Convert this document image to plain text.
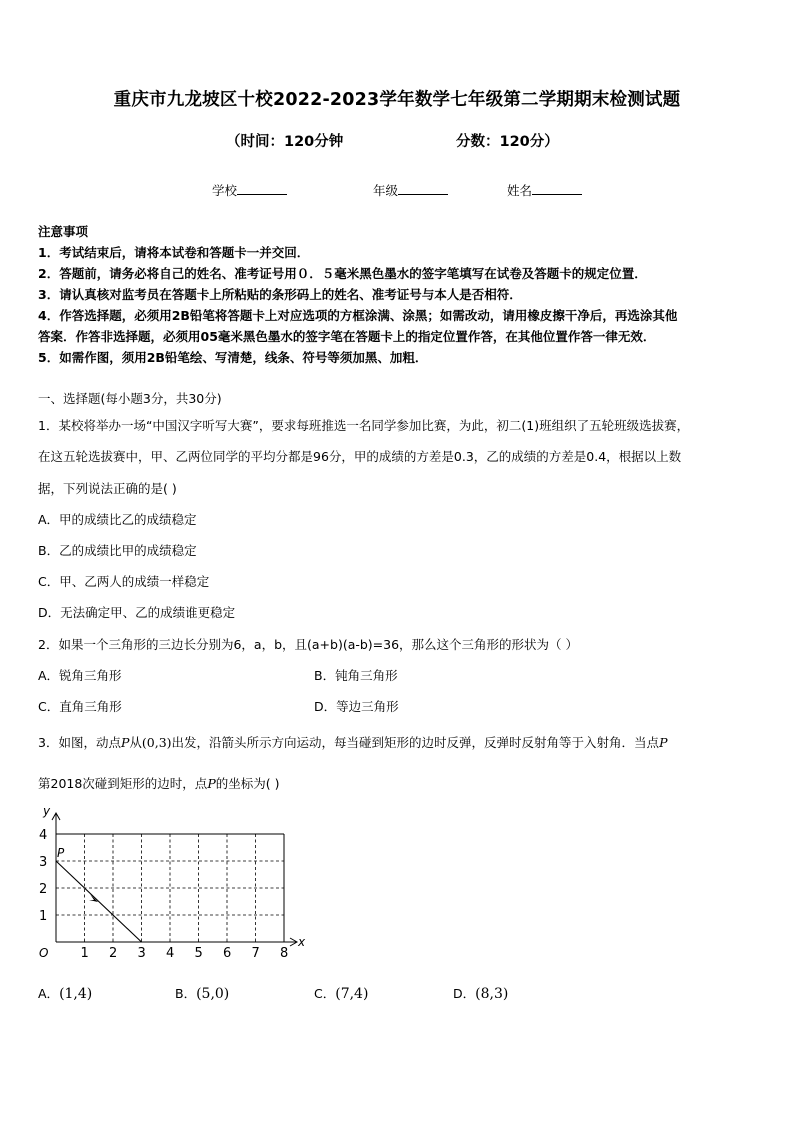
重庆市九龙坡区十校2022-2023学年数学七年级第二学期期末检测试题
（时间：120分钟	分数：120分）
学校	年级	姓名
注意事项
1．考试结束后，请将本试卷和答题卡一并交回．
2．答题前，请务必将自己的姓名、准考证号用０．５毫米黑色墨水的签字笔填写在试卷及答题卡的规定位置．
3．请认真核对监考员在答题卡上所粘贴的条形码上的姓名、准考证号与本人是否相符．
4．作答选择题，必须用2B铅笔将答题卡上对应选项的方框涂满、涂黑；如需改动，请用橡皮擦干净后，再选涂其他
答案．作答非选择题，必须用05毫米黑色墨水的签字笔在答题卡上的指定位置作答，在其他位置作答一律无效．
5．如需作图，须用2B铅笔绘、写清楚，线条、符号等须加黑、加粗．
一、选择题(每小题3分，共30分)
1．某校将举办一场“中国汉字听写大赛”，要求每班推选一名同学参加比赛，为此，初二(1)班组织了五轮班级选拔赛，
在这五轮选拔赛中，甲、乙两位同学的平均分都是96分，甲的成绩的方差是0.3，乙的成绩的方差是0.4，根据以上数
据，下列说法正确的是( )
A．甲的成绩比乙的成绩稳定
B．乙的成绩比甲的成绩稳定
C．甲、乙两人的成绩一样稳定
D．无法确定甲、乙的成绩谁更稳定
2．如果一个三角形的三边长分别为6，a，b，且(a+b)(a-b)=36，那么这个三角形的形状为（ ）
A．锐角三角形	B．钝角三角形
C．直角三角形	D．等边三角形
3．如图，动点P从(0,3)出发，沿箭头所示方向运动，每当碰到矩形的边时反弹，反弹时反射角等于入射角．当点P
第2018次碰到矩形的边时，点P的坐标为( )
y
x
O
P
1 2 3 4 5 6 7 8
1
2
3
4
A．(1,4)	B．(5,0)	C．(7,4)	D．(8,3)
